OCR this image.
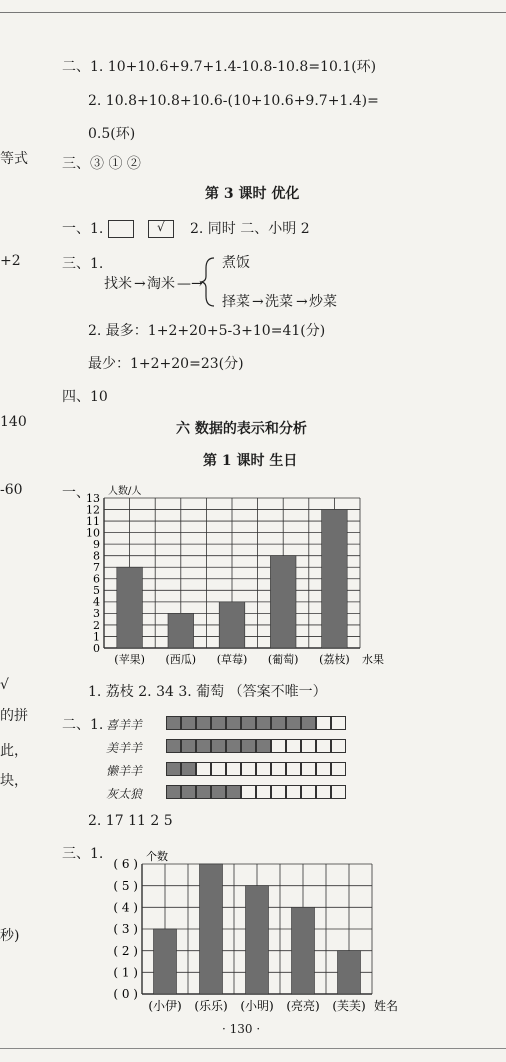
等式
+2
140
-60
√
的拼
此，
块，
秒)
二、1. 10+10.6+9.7+1.4-10.8-10.8=10.1(环)
2. 10.8+10.8+10.6-(10+10.6+9.7+1.4)=
0.5(环)
三、③ ① ②
第 3 课时 优化
一、1.	√ 2. 同时 二、小明 2
三、1.
找米 → 淘米 —→
煮饭
择菜 → 洗菜 → 炒菜
2. 最多：1+2+20+5-3+10=41(分)
最少：1+2+20=23(分)
四、10
六 数据的表示和分析
第 1 课时 生日
一、
0
1
2
3
4
5
6
7
8
9
10
11
12
13
(苹果) (西瓜) (草莓) (葡萄) (荔枝)
人数/人
水果
1. 荔枝 2. 34 3. 葡萄 （答案不唯一）
二、1. 喜羊羊
美羊羊
懒羊羊
灰太狼
2. 17 11 2 5
三、1.
( 0 )
( 1 )
( 2 )
( 3 )
( 4 )
( 5 )
( 6 )
(小伊) (乐乐) (小明) (亮亮) (芙芙)
个数
姓名
· 130 ·
